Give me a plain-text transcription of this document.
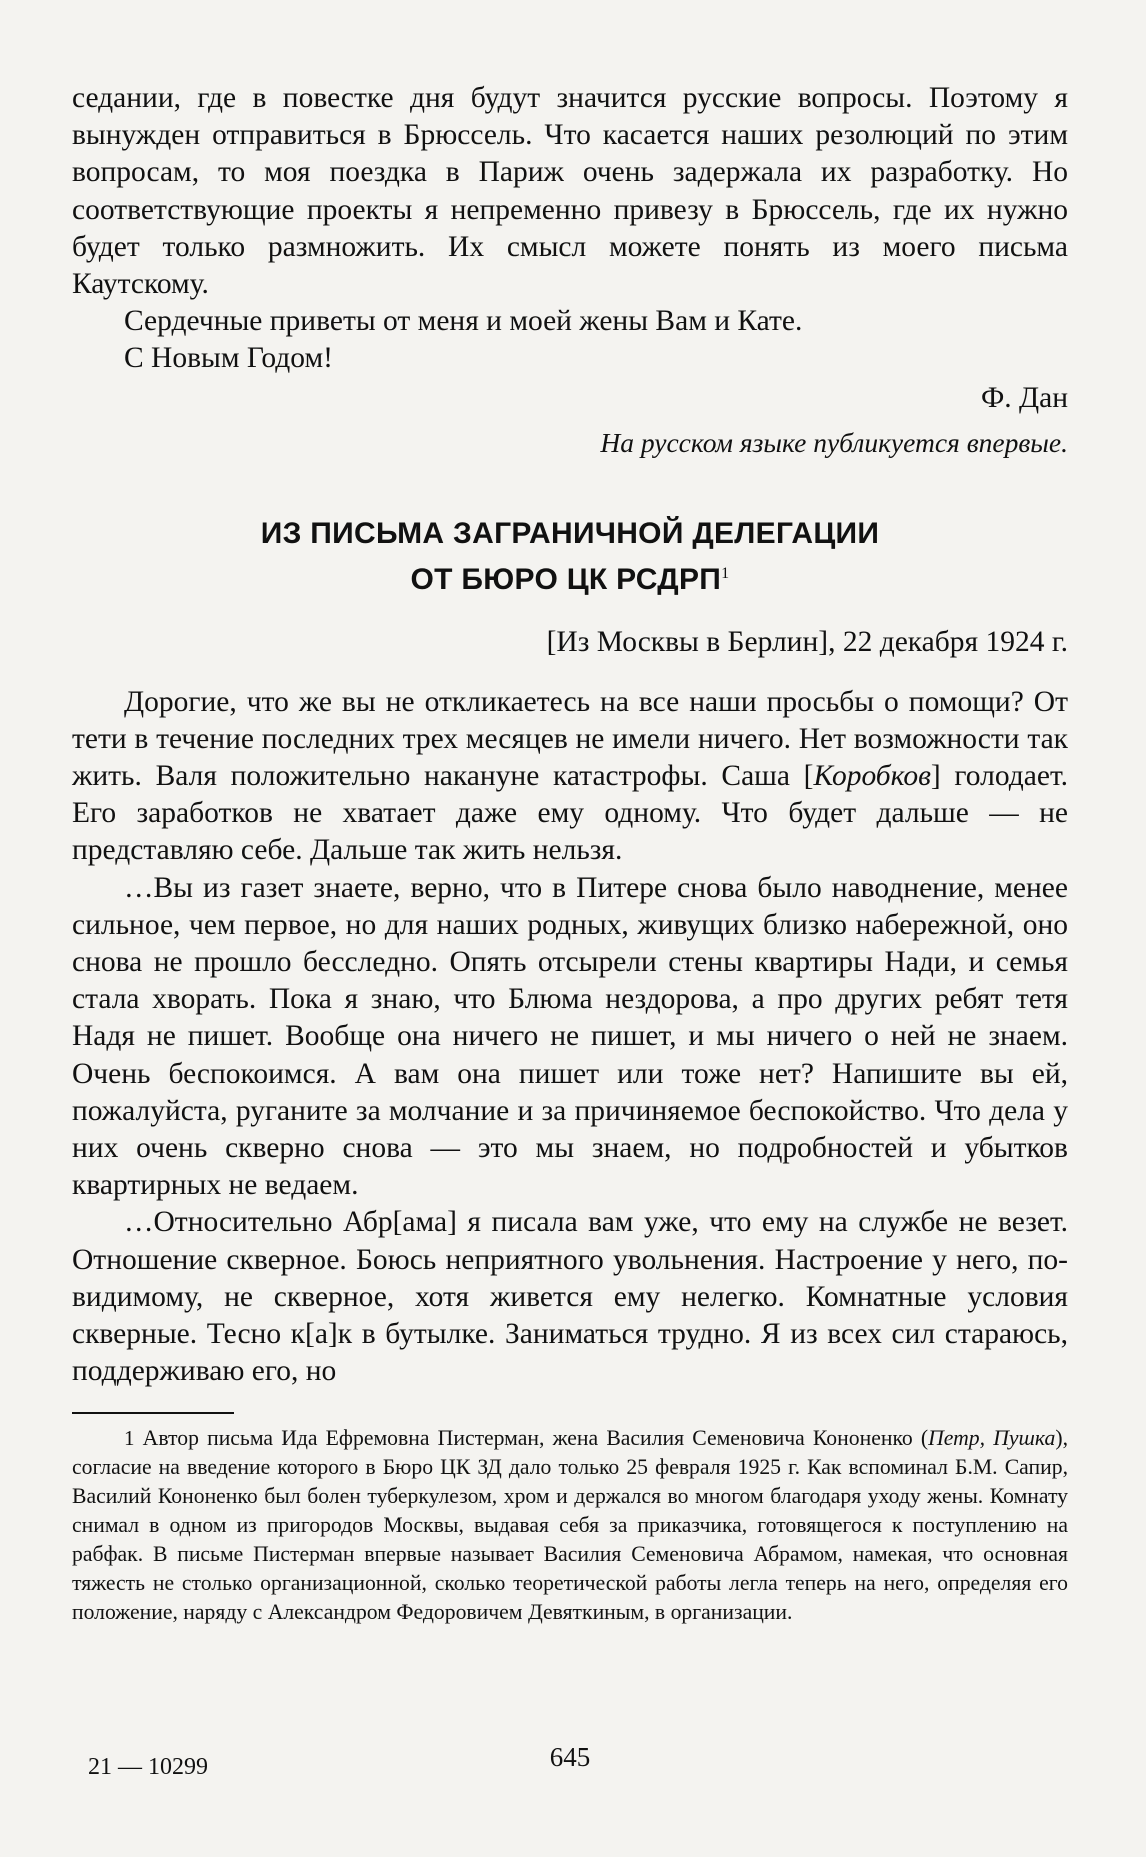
седании, где в повестке дня будут значится русские вопросы. Поэтому я вынужден отправиться в Брюссель. Что касается наших резолюций по этим вопросам, то моя поездка в Париж очень задержала их разработку. Но соответствующие проекты я непременно привезу в Брюссель, где их нужно будет только размножить. Их смысл можете понять из моего письма Каутскому.

Сердечные приветы от меня и моей жены Вам и Кате.

С Новым Годом!

Ф. Дан

На русском языке публикуется впервые.

ИЗ ПИСЬМА ЗАГРАНИЧНОЙ ДЕЛЕГАЦИИ
ОТ БЮРО ЦК РСДРП$^1$

[Из Москвы в Берлин], 22 декабря 1924 г.

Дорогие, что же вы не откликаетесь на все наши просьбы о помощи? От тети в течение последних трех месяцев не имели ничего. Нет возможности так жить. Валя положительно накануне катастрофы. Саша [Коробков] голодает. Его заработков не хватает даже ему одному. Что будет дальше — не представляю себе. Дальше так жить нельзя.

…Вы из газет знаете, верно, что в Питере снова было наводнение, менее сильное, чем первое, но для наших родных, живущих близко набережной, оно снова не прошло бесследно. Опять отсырели стены квартиры Нади, и семья стала хворать. Пока я знаю, что Блюма нездорова, а про других ребят тетя Надя не пишет. Вообще она ничего не пишет, и мы ничего о ней не знаем. Очень беспокоимся. А вам она пишет или тоже нет? Напишите вы ей, пожалуйста, руганите за молчание и за причиняемое беспокойство. Что дела у них очень скверно снова — это мы знаем, но подробностей и убытков квартирных не ведаем.

…Относительно Абр[ама] я писала вам уже, что ему на службе не везет. Отношение скверное. Боюсь неприятного увольнения. Настроение у него, по-видимому, не скверное, хотя живется ему нелегко. Комнатные условия скверные. Тесно к[а]к в бутылке. Заниматься трудно. Я из всех сил стараюсь, поддерживаю его, но

1 Автор письма Ида Ефремовна Пистерман, жена Василия Семеновича Кононенко (Петр, Пушка), согласие на введение которого в Бюро ЦК ЗД дало только 25 февраля 1925 г. Как вспоминал Б.М. Сапир, Василий Кононенко был болен туберкулезом, хром и держался во многом благодаря уходу жены. Комнату снимал в одном из пригородов Москвы, выдавая себя за приказчика, готовящегося к поступлению на рабфак. В письме Пистерман впервые называет Василия Семеновича Абрамом, намекая, что основная тяжесть не столько организационной, сколько теоретической работы легла теперь на него, определяя его положение, наряду с Александром Федоровичем Девяткиным, в организации.

21 — 10299	645
